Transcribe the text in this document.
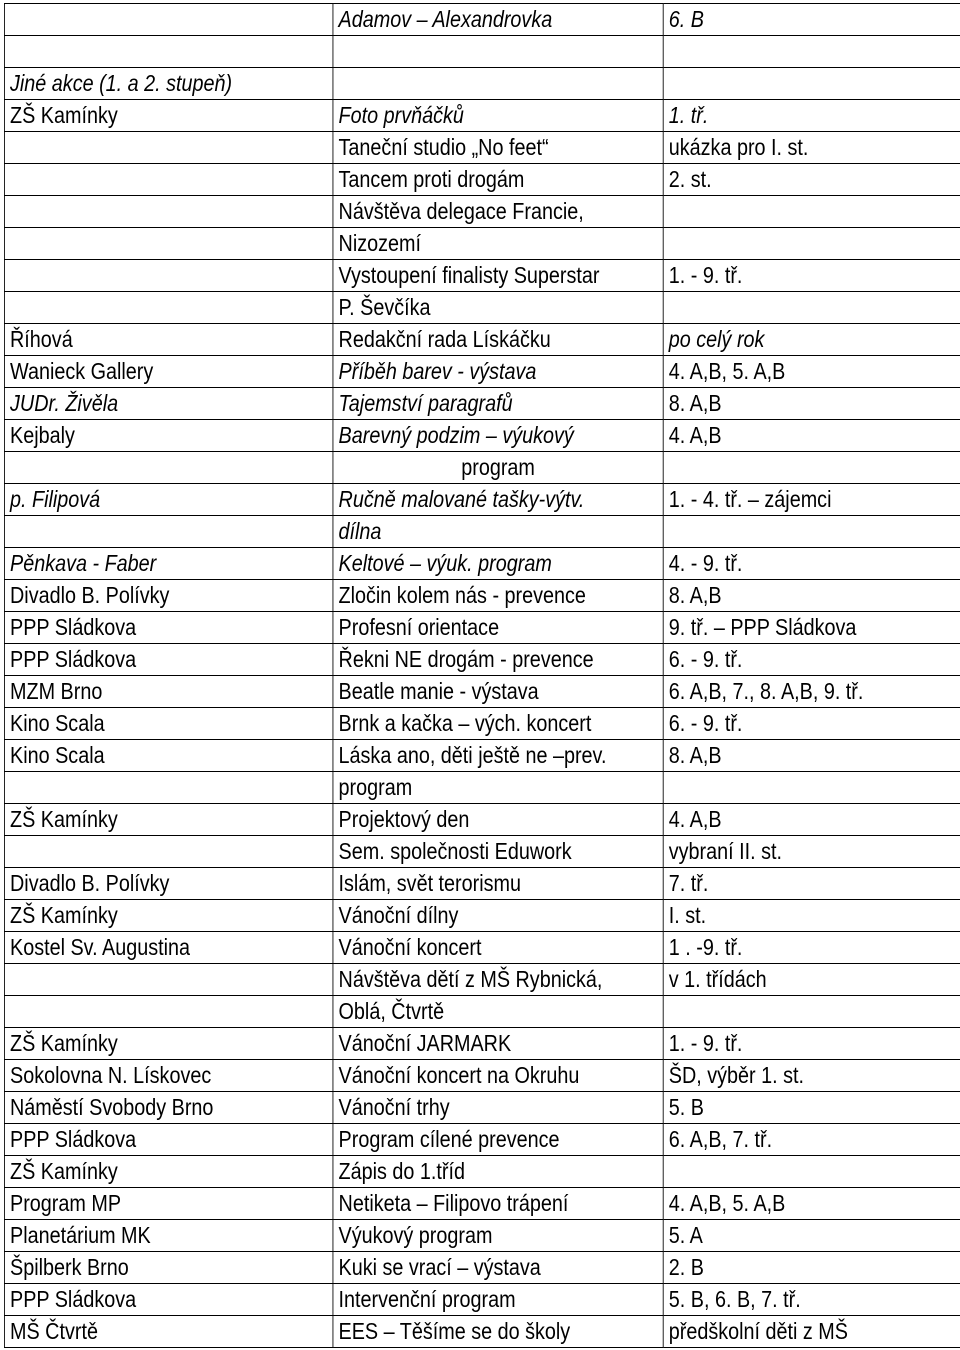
	Adamov – Alexandrovka	6. B

Jiné akce (1. a 2. stupeň)		
ZŠ Kamínky	Foto prvňáčků	1. tř.
	Taneční studio „No feet“	ukázka pro I. st.
	Tancem proti drogám	2. st.
	Návštěva delegace Francie,	
	Nizozemí	
	Vystoupení finalisty Superstar	1. - 9. tř.
	P. Ševčíka	
Říhová	Redakční rada Lískáčku	po celý rok
Wanieck Gallery	Příběh barev - výstava	4. A,B, 5. A,B
JUDr. Živěla	Tajemství paragrafů	8. A,B
Kejbaly	Barevný podzim – výukový	4. A,B
	program	
p. Filipová	Ručně malované tašky-výtv.	1. - 4. tř. – zájemci
	dílna	
Pěnkava - Faber	Keltové – výuk. program	4. - 9. tř.
Divadlo B. Polívky	Zločin kolem nás - prevence	8. A,B
PPP Sládkova	Profesní orientace	9. tř. – PPP Sládkova
PPP Sládkova	Řekni NE drogám - prevence	6. - 9. tř.
MZM Brno	Beatle manie - výstava	6. A,B, 7., 8. A,B, 9. tř.
Kino Scala	Brnk a kačka – vých. koncert	6. - 9. tř.
Kino Scala	Láska ano, děti ještě ne –prev.	8. A,B
	program	
ZŠ Kamínky	Projektový den	4. A,B
	Sem. společnosti Eduwork	vybraní II. st.
Divadlo B. Polívky	Islám, svět terorismu	7. tř.
ZŠ Kamínky	Vánoční dílny	I. st.
Kostel Sv. Augustina	Vánoční koncert	1 . -9. tř.
	Návštěva dětí z MŠ Rybnická,	v 1. třídách
	Oblá, Čtvrtě	
ZŠ Kamínky	Vánoční JARMARK	1. - 9. tř.
Sokolovna N. Lískovec	Vánoční koncert na Okruhu	ŠD, výběr 1. st.
Náměstí Svobody Brno	Vánoční trhy	5. B
PPP Sládkova	Program cílené prevence	6. A,B, 7. tř.
ZŠ Kamínky	Zápis do 1.tříd	
Program MP	Netiketa – Filipovo trápení	4. A,B, 5. A,B
Planetárium MK	Výukový program	5. A
Špilberk Brno	Kuki se vrací – výstava	2. B
PPP Sládkova	Intervenční program	5. B, 6. B, 7. tř.
MŠ Čtvrtě	EES – Těšíme se do školy	předškolní děti z MŠ
